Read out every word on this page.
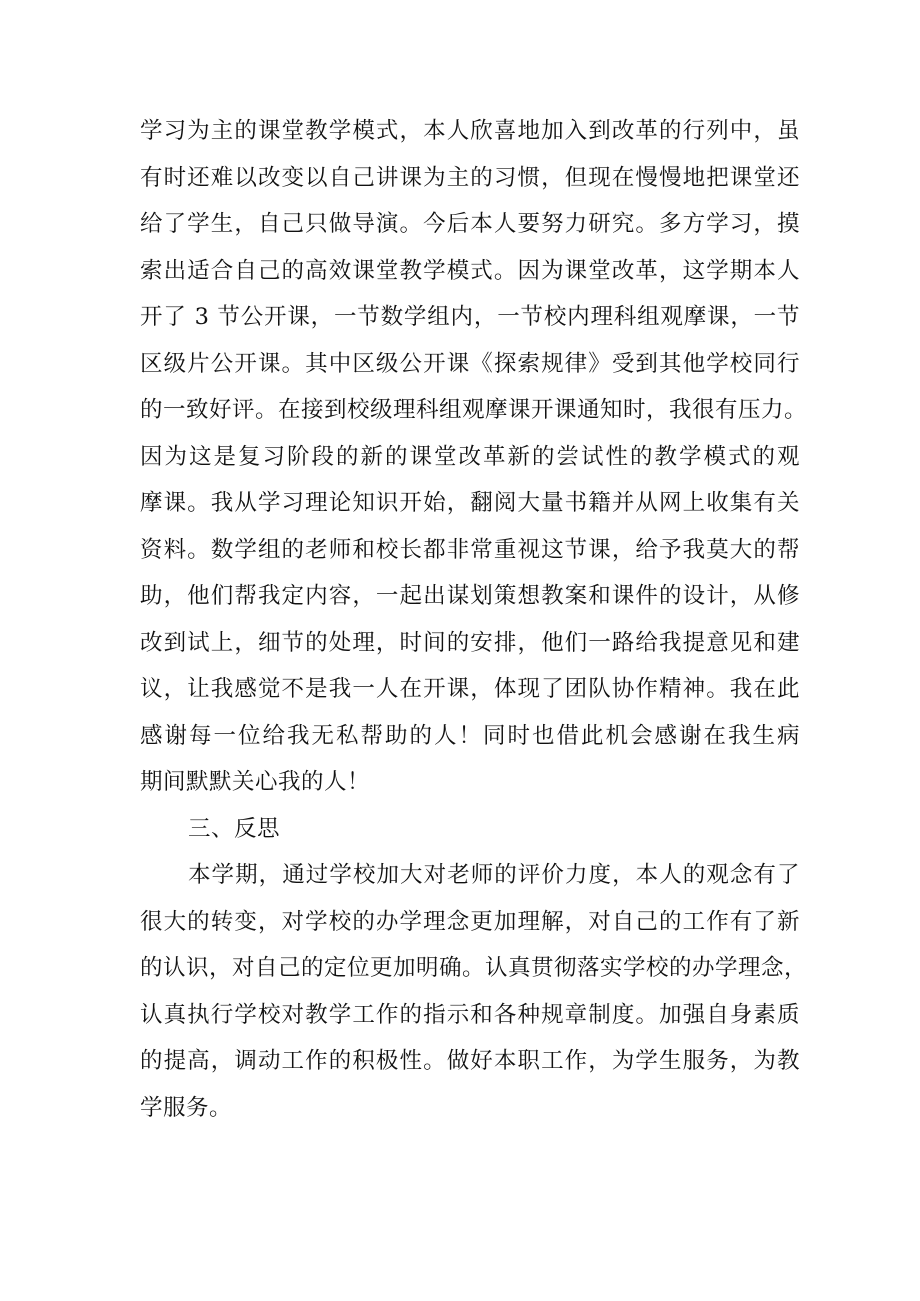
学习为主的课堂教学模式，本人欣喜地加入到改革的行列中，虽
有时还难以改变以自己讲课为主的习惯，但现在慢慢地把课堂还
给了学生，自己只做导演。今后本人要努力研究。多方学习，摸
索出适合自己的高效课堂教学模式。因为课堂改革，这学期本人
开了 3 节公开课，一节数学组内，一节校内理科组观摩课，一节
区级片公开课。其中区级公开课《探索规律》受到其他学校同行
的一致好评。在接到校级理科组观摩课开课通知时，我很有压力。
因为这是复习阶段的新的课堂改革新的尝试性的教学模式的观
摩课。我从学习理论知识开始，翻阅大量书籍并从网上收集有关
资料。数学组的老师和校长都非常重视这节课，给予我莫大的帮
助，他们帮我定内容，一起出谋划策想教案和课件的设计，从修
改到试上，细节的处理，时间的安排，他们一路给我提意见和建
议，让我感觉不是我一人在开课，体现了团队协作精神。我在此
感谢每一位给我无私帮助的人！同时也借此机会感谢在我生病
期间默默关心我的人！
三、反思
本学期，通过学校加大对老师的评价力度，本人的观念有了
很大的转变，对学校的办学理念更加理解，对自己的工作有了新
的认识，对自己的定位更加明确。认真贯彻落实学校的办学理念，
认真执行学校对教学工作的指示和各种规章制度。加强自身素质
的提高，调动工作的积极性。做好本职工作，为学生服务，为教
学服务。
